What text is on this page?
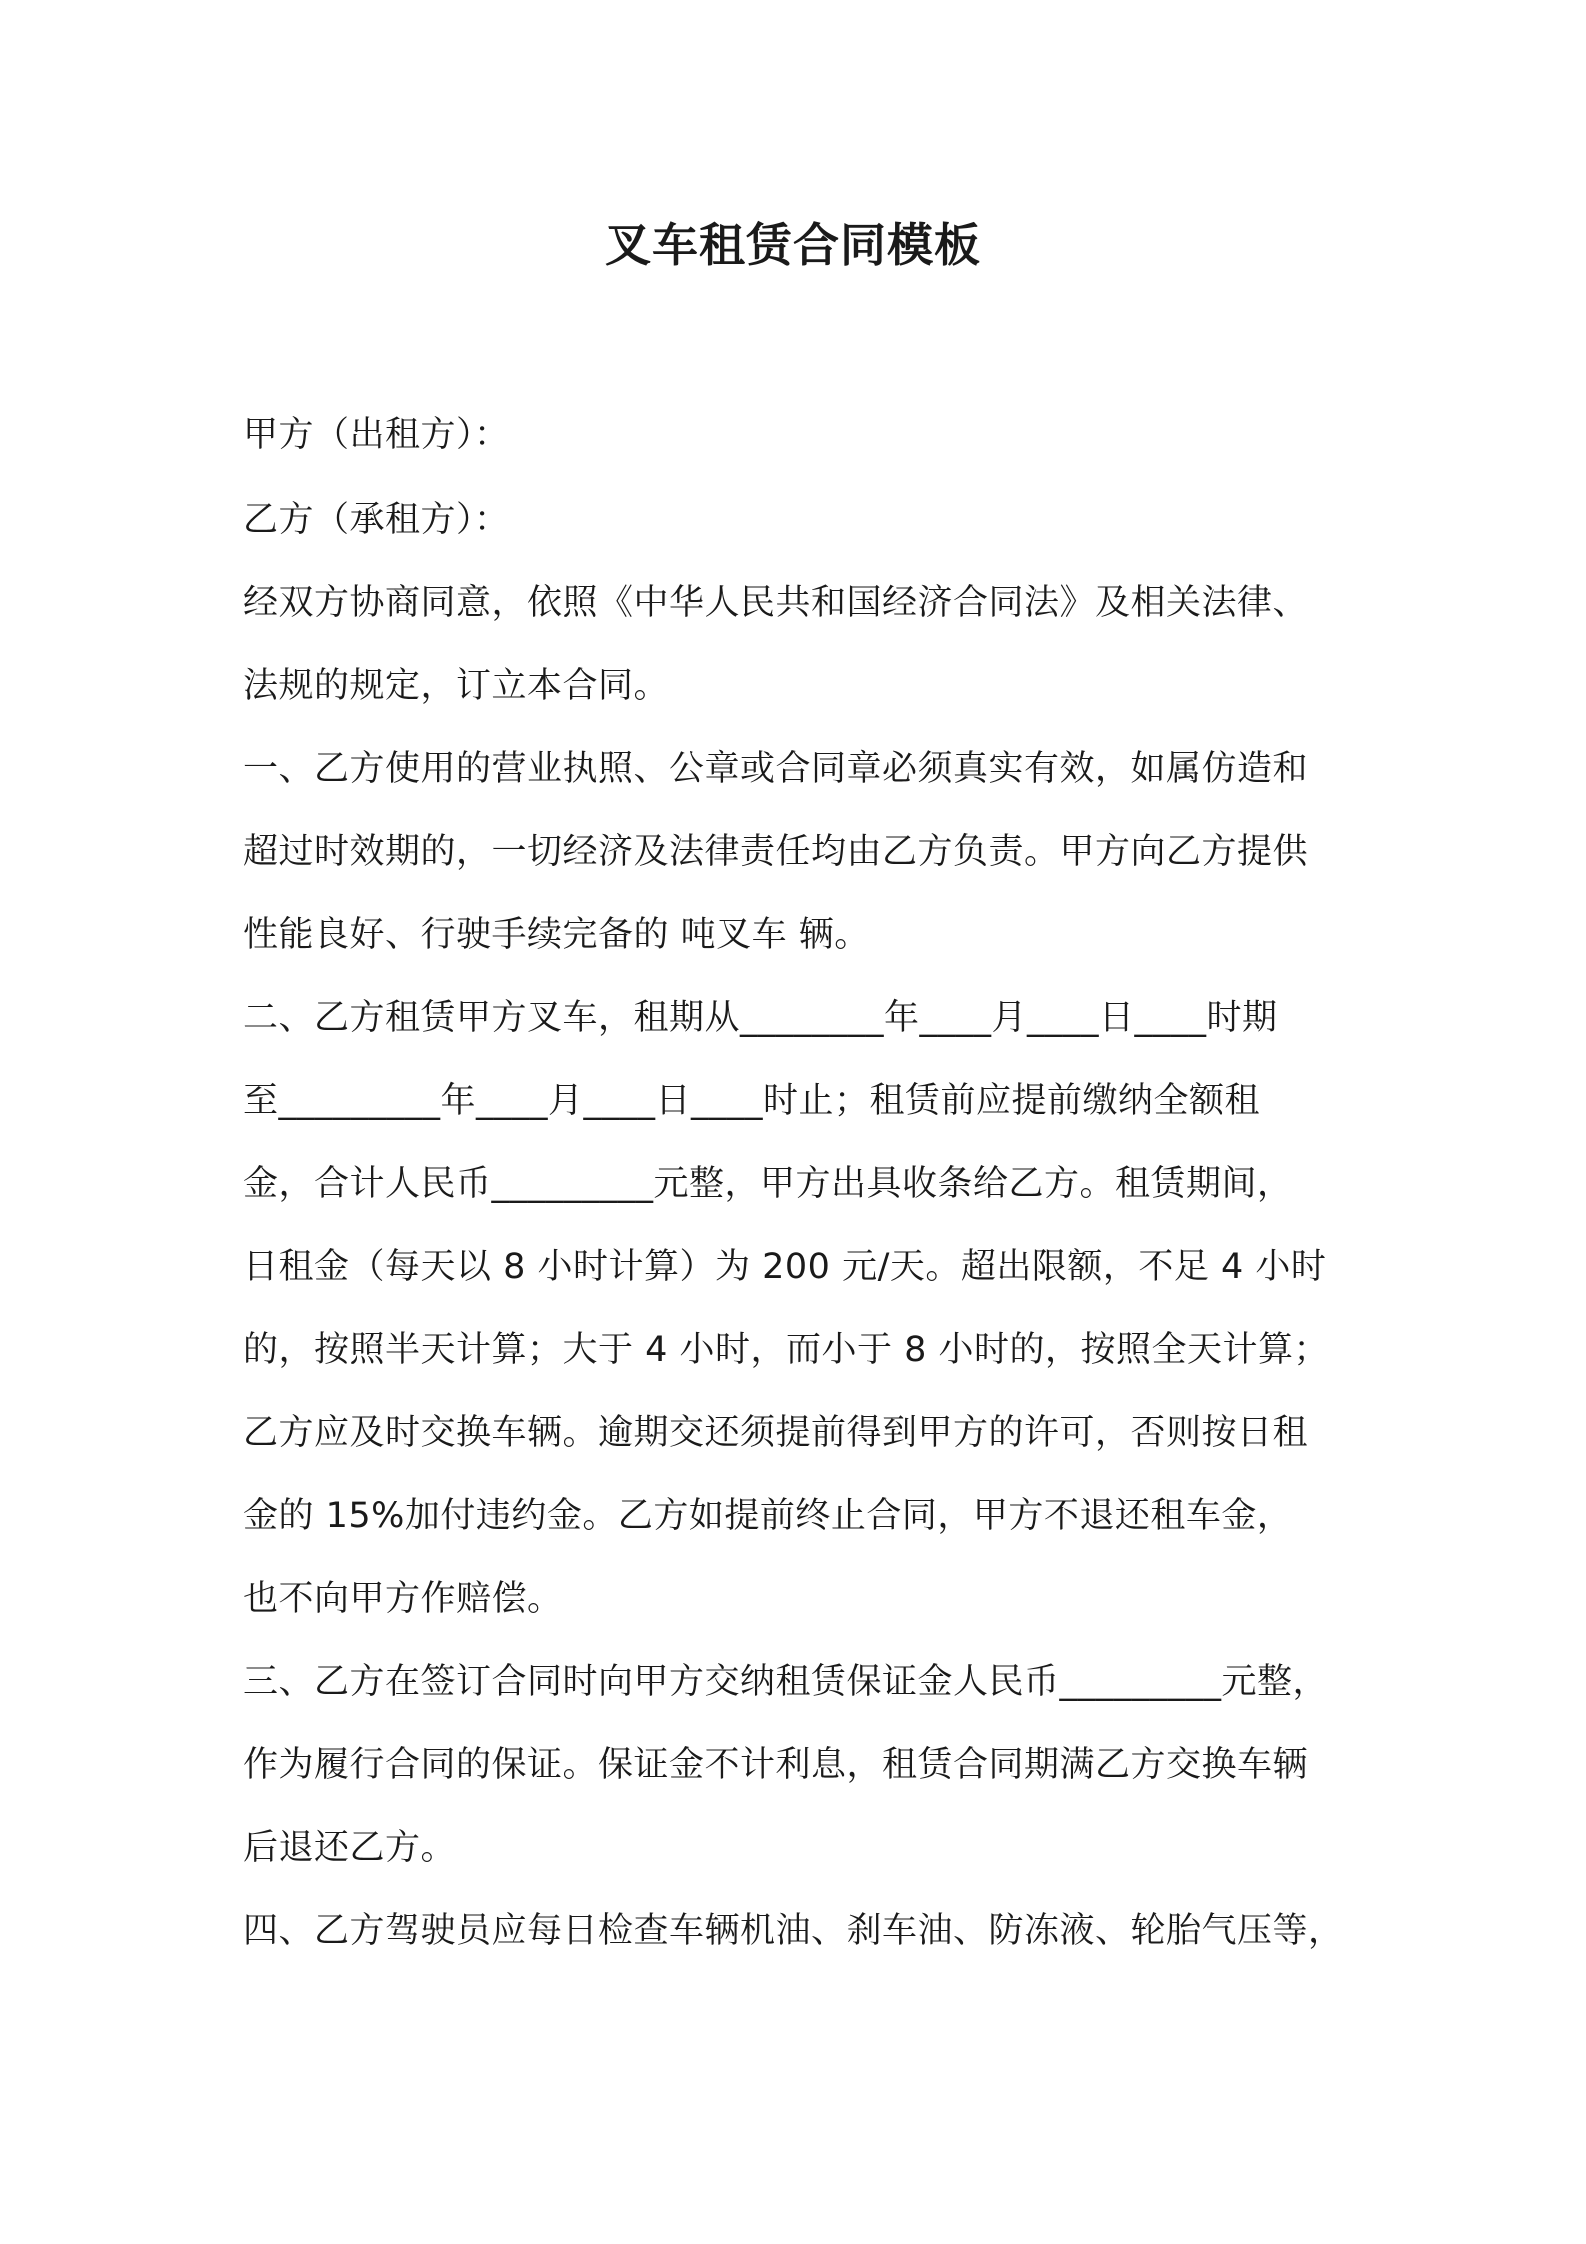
叉车租赁合同模板
甲方（出租方）：
乙方（承租方）：
经双方协商同意，依照《中华人民共和国经济合同法》及相关法律、
法规的规定，订立本合同。
一、乙方使用的营业执照、公章或合同章必须真实有效，如属仿造和
超过时效期的，一切经济及法律责任均由乙方负责。甲方向乙方提供
性能良好、行驶手续完备的 吨叉车 辆。
二、乙方租赁甲方叉车，租期从________年____月____日____时期
至_________年____月____日____时止；租赁前应提前缴纳全额租
金，合计人民币_________元整，甲方出具收条给乙方。租赁期间，
日租金（每天以 8 小时计算）为 200 元/天。超出限额，不足 4 小时
的，按照半天计算；大于 4 小时，而小于 8 小时的，按照全天计算；
乙方应及时交换车辆。逾期交还须提前得到甲方的许可，否则按日租
金的 15%加付违约金。乙方如提前终止合同，甲方不退还租车金，
也不向甲方作赔偿。
三、乙方在签订合同时向甲方交纳租赁保证金人民币_________元整，
作为履行合同的保证。保证金不计利息，租赁合同期满乙方交换车辆
后退还乙方。
四、乙方驾驶员应每日检查车辆机油、刹车油、防冻液、轮胎气压等，
